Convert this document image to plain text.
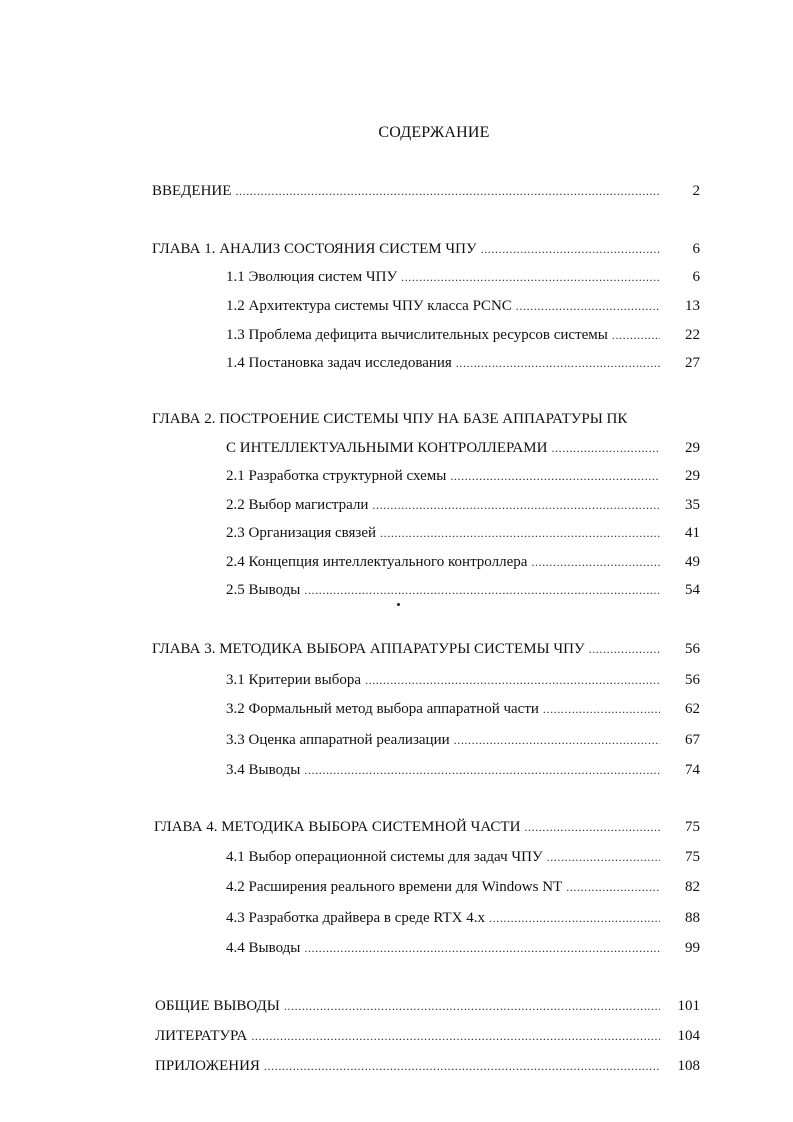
СОДЕРЖАНИЕ
ВВЕДЕНИЕ . . .	2
ГЛАВА 1. АНАЛИЗ СОСТОЯНИЯ СИСТЕМ ЧПУ . . .	6
1.1 Эволюция систем ЧПУ . . .	6
1.2 Архитектура системы ЧПУ класса PCNC . . .	13
1.3 Проблема дефицита вычислительных ресурсов системы . . .	22
1.4 Постановка задач исследования . . .	27
ГЛАВА 2. ПОСТРОЕНИЕ СИСТЕМЫ ЧПУ НА БАЗЕ АППАРАТУРЫ ПК
С ИНТЕЛЛЕКТУАЛЬНЫМИ КОНТРОЛЛЕРАМИ . . .	29
2.1 Разработка структурной схемы . . .	29
2.2 Выбор магистрали . . .	35
2.3 Организация связей . . .	41
2.4 Концепция интеллектуального контроллера . . .	49
2.5 Выводы . . .	54
ГЛАВА 3. МЕТОДИКА ВЫБОРА АППАРАТУРЫ СИСТЕМЫ ЧПУ . . .	56
3.1 Критерии выбора . . .	56
3.2 Формальный метод выбора аппаратной части . . .	62
3.3 Оценка аппаратной реализации . . .	67
3.4 Выводы . . .	74
ГЛАВА 4. МЕТОДИКА ВЫБОРА СИСТЕМНОЙ ЧАСТИ . . .	75
4.1 Выбор операционной системы для задач ЧПУ . . .	75
4.2 Расширения реального времени для Windows NT . . .	82
4.3 Разработка драйвера в среде RTX 4.x . . .	88
4.4 Выводы . . .	99
ОБЩИЕ ВЫВОДЫ . . .	101
ЛИТЕРАТУРА . . .	104
ПРИЛОЖЕНИЯ . . .	108
